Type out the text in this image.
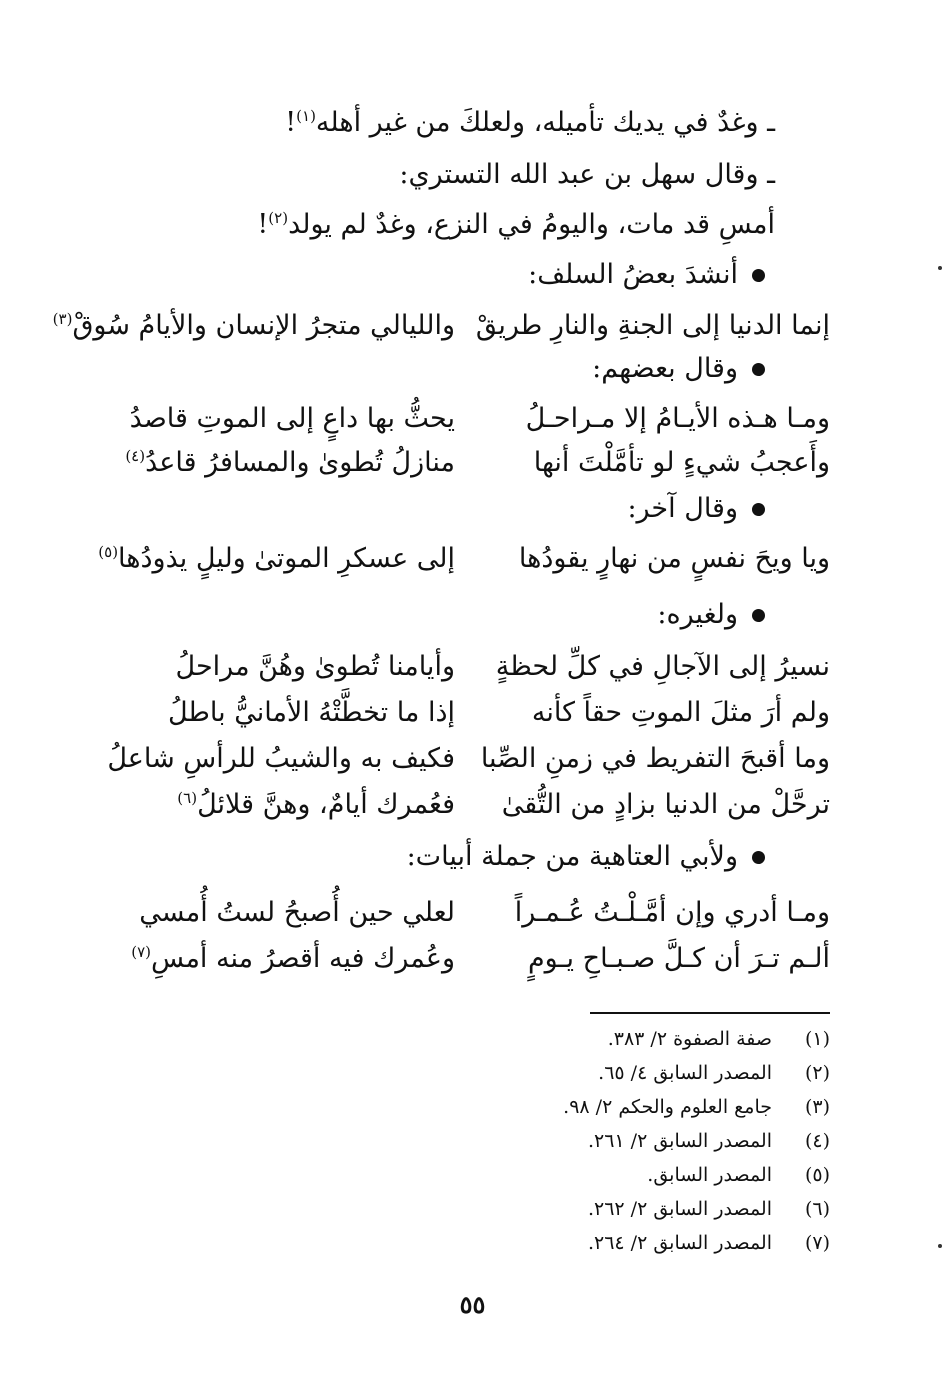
ـ وغدٌ في يديك تأميله، ولعلكَ من غير أهله$^{(١)}$!
ـ وقال سهل بن عبد الله التستري:
أمسِ قد مات، واليومُ في النزع، وغدٌ لم يولد$^{(٢)}$!
أنشدَ بعضُ السلف:
إنما الدنيا إلى الجنةِ والنارِ طريقْ
والليالي متجرُ الإنسان والأيامُ سُوقْ$^{(٣)}$
وقال بعضهم:
ومـا هـذه الأيـامُ إلا مـراحـلُ
يحثُّ بها داعٍ إلى الموتِ قاصدُ
وأَعجبُ شيءٍ لو تأمَّلْتَ أنها
منازلُ تُطوىٰ والمسافرُ قاعدُ$^{(٤)}$
وقال آخر:
ويا ويحَ نفسٍ من نهارٍ يقودُها
إلى عسكرِ الموتىٰ وليلٍ يذودُها$^{(٥)}$
ولغيره:
نسيرُ إلى الآجالِ في كلِّ لحظةٍ
وأيامنا تُطوىٰ وهُنَّ مراحلُ
ولم أرَ مثلَ الموتِ حقاً كأنه
إذا ما تخطَّتْهُ الأمانيُّ باطلُ
وما أقبحَ التفريط في زمنِ الصِّبا
فكيف به والشيبُ للرأسِ شاعلُ
ترحَّلْ من الدنيا بزادٍ من التُّقىٰ
فعُمرك أيامٌ، وهنَّ قلائلُ$^{(٦)}$
ولأبي العتاهية من جملة أبيات:
ومـا أدري وإن أمَّـلْـتُ عُـمـراً
لعلي حين أُصبحُ لستُ أُمسي
ألـم تـرَ أن كـلَّ صـبـاحِ يـومٍ
وعُمرك فيه أقصرُ منه أمسِ$^{(٧)}$
(١)صفة الصفوة ٢/ ٣٨٣.
(٢)المصدر السابق ٤/ ٦٥.
(٣)جامع العلوم والحكم ٢/ ٩٨.
(٤)المصدر السابق ٢/ ٢٦١.
(٥)المصدر السابق.
(٦)المصدر السابق ٢/ ٢٦٢.
(٧)المصدر السابق ٢/ ٢٦٤.
٥٥
